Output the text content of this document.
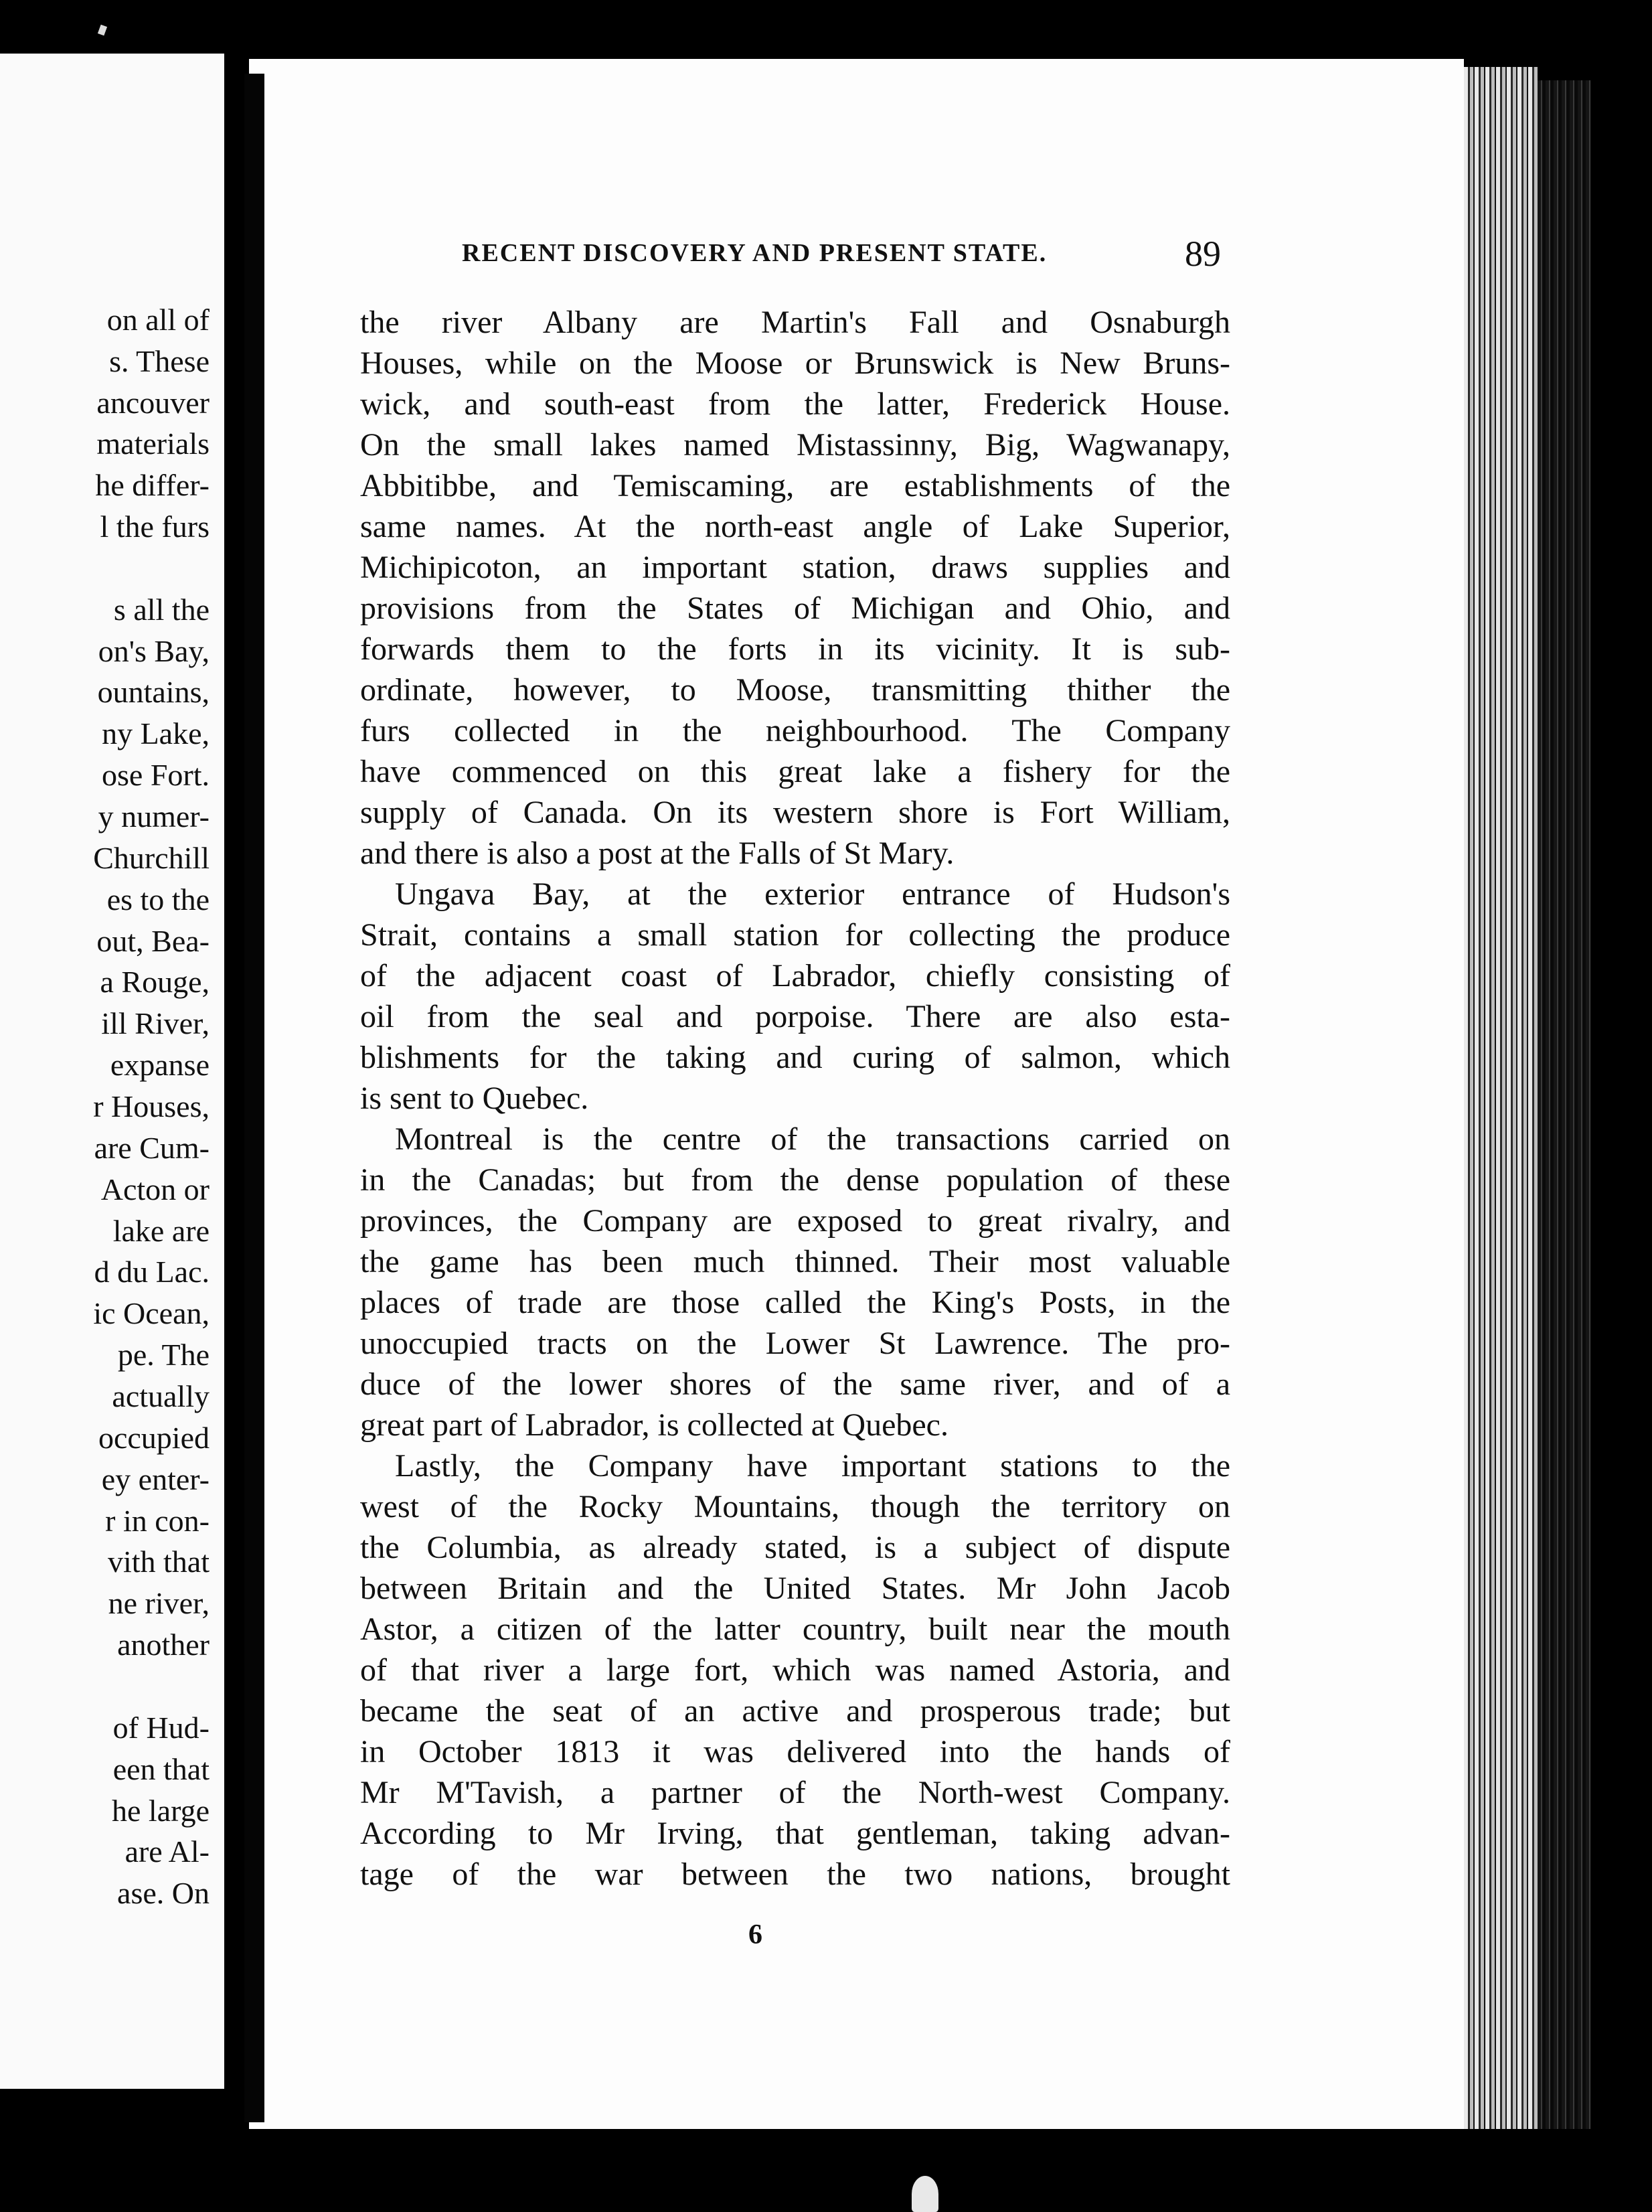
on all of
s. These
ancouver
materials
he differ-
l the furs
s all the
on's Bay,
ountains,
ny Lake,
ose Fort.
y numer-
Churchill
es to the
out, Bea-
a Rouge,
ill River,
expanse
r Houses,
are Cum-
Acton or
lake are
d du Lac.
ic Ocean,
pe. The
actually
occupied
ey enter-
r in con-
vith that
ne river,
another
of Hud-
een that
he large
are Al-
ase. On
RECENT DISCOVERY AND PRESENT STATE.	89
the river Albany are Martin's Fall and Osnaburgh
Houses, while on the Moose or Brunswick is New Bruns-
wick, and south-east from the latter, Frederick House.
On the small lakes named Mistassinny, Big, Wagwanapy,
Abbitibbe, and Temiscaming, are establishments of the
same names. At the north-east angle of Lake Superior,
Michipicoton, an important station, draws supplies and
provisions from the States of Michigan and Ohio, and
forwards them to the forts in its vicinity. It is sub-
ordinate, however, to Moose, transmitting thither the
furs collected in the neighbourhood. The Company
have commenced on this great lake a fishery for the
supply of Canada. On its western shore is Fort William,
and there is also a post at the Falls of St Mary.
Ungava Bay, at the exterior entrance of Hudson's
Strait, contains a small station for collecting the produce
of the adjacent coast of Labrador, chiefly consisting of
oil from the seal and porpoise. There are also esta-
blishments for the taking and curing of salmon, which
is sent to Quebec.
Montreal is the centre of the transactions carried on
in the Canadas; but from the dense population of these
provinces, the Company are exposed to great rivalry, and
the game has been much thinned. Their most valuable
places of trade are those called the King's Posts, in the
unoccupied tracts on the Lower St Lawrence. The pro-
duce of the lower shores of the same river, and of a
great part of Labrador, is collected at Quebec.
Lastly, the Company have important stations to the
west of the Rocky Mountains, though the territory on
the Columbia, as already stated, is a subject of dispute
between Britain and the United States. Mr John Jacob
Astor, a citizen of the latter country, built near the mouth
of that river a large fort, which was named Astoria, and
became the seat of an active and prosperous trade; but
in October 1813 it was delivered into the hands of
Mr M'Tavish, a partner of the North-west Company.
According to Mr Irving, that gentleman, taking advan-
tage of the war between the two nations, brought
6
